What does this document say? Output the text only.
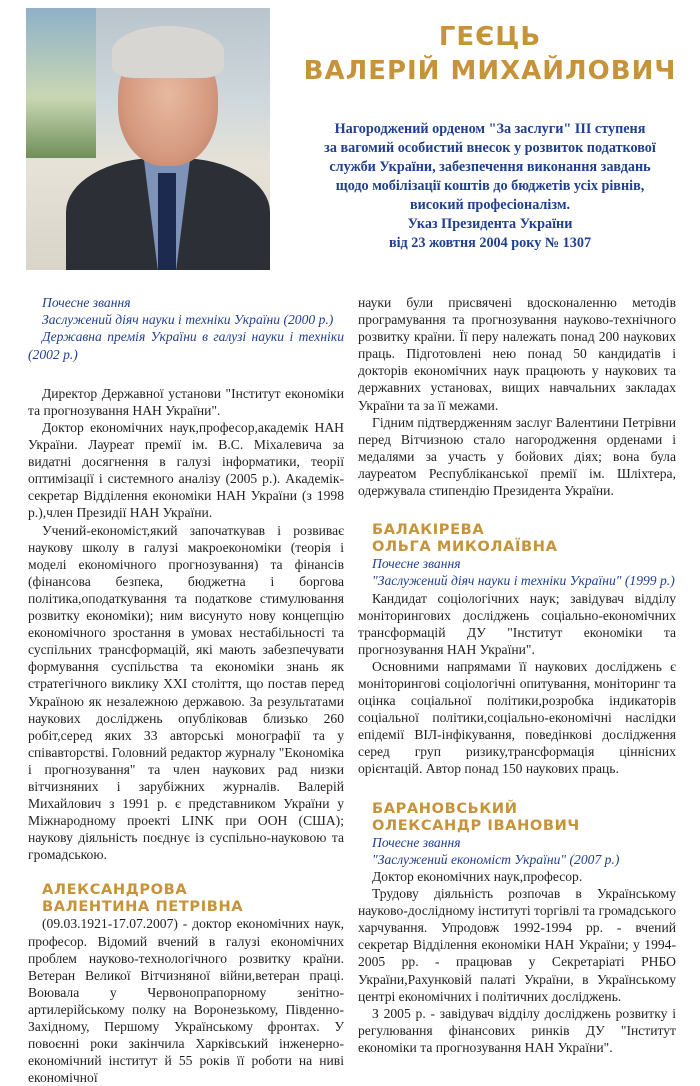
ГЕЄЦЬ
ВАЛЕРІЙ МИХАЙЛОВИЧ
Нагороджений орденом "За заслуги" ІІІ ступеня
за вагомий особистий внесок у розвиток податкової
служби України, забезпечення виконання завдань
щодо мобілізації коштів до бюджетів усіх рівнів,
високий професіоналізм.
Указ Президента України
від 23 жовтня 2004 року № 1307

Почесне звання

Заслужений діяч науки і техніки України (2000 р.)

Державна премія України в галузі науки і техніки (2002 р.)

Директор Державної установи "Інститут економіки та прогнозування НАН України".

Доктор економічних наук,професор,академік НАН України. Лауреат премії ім. В.С. Міхалевича за видатні досягнення в галузі інформатики, теорії оптимізації і системного аналізу (2005 р.). Академік-секретар Відділення економіки НАН України (з 1998 р.),член Президії НАН України.

Учений-економіст,який започаткував і розвиває наукову школу в галузі макроекономіки (теорія і моделі економічного прогнозування) та фінансів (фінансова безпека, бюджетна і боргова політика,оподаткування та податкове стимулювання розвитку економіки); ним висунуто нову концепцію економічного зростання в умовах нестабільності та суспільних трансформацій, які мають забезпечувати формування суспільства та економіки знань як стратегічного виклику XXI століття, що постав перед Україною як незалежною державою. За результатами наукових досліджень опубліковав близько 260 робіт,серед яких 33 авторські монографії та у співавторстві. Головний редактор журналу "Економіка і прогнозування" та член наукових рад низки вітчизняних і зарубіжних журналів. Валерій Михайлович з 1991 р. є представником України у Міжнародному проекті LINK при ООН (США); наукову діяльність поєднує із суспільно-науковою та громадською.

АЛЕКСАНДРОВА

ВАЛЕНТИНА ПЕТРІВНА

(09.03.1921-17.07.2007) - доктор економічних наук, професор. Відомий вчений в галузі економічних проблем науково-технологічного розвитку країни. Ветеран Великої Вітчизняної війни,ветеран праці. Воювала у Червонопрапорному зенітно-артилерійському полку на Воронезькому, Південно-Західному, Першому Українському фронтах. У повоєнні роки закінчила Харківський інженерно-економічний інститут й 55 років її роботи на ниві економічної

науки були присвячені вдосконаленню методів програмування та прогнозування науково-технічного розвитку країни. Її перу належать понад 200 наукових праць. Підготовлені нею понад 50 кандидатів і докторів економічних наук працюють у наукових та державних установах, вищих навчальних закладах України та за її межами.

Гідним підтвердженням заслуг Валентини Петрівни перед Вітчизною стало нагородження орденами і медалями за участь у бойових діях; вона була лауреатом Республіканської премії ім. Шліхтера, одержувала стипендію Президента України.

БАЛАКІРЕВА

ОЛЬГА МИКОЛАЇВНА

Почесне звання

"Заслужений діяч науки і техніки України" (1999 р.)

Кандидат соціологічних наук; завідувач відділу моніторингових досліджень соціально-економічних трансформацій ДУ "Інститут економіки та прогнозування НАН України".

Основними напрямами її наукових досліджень є моніторингові соціологічні опитування, моніторинг та оцінка соціальної політики,розробка індикаторів соціальної політики,соціально-економічні наслідки епідемії ВІЛ-інфікування, поведінкові дослідження серед груп ризику,трансформація ціннісних орієнтацій. Автор понад 150 наукових праць.

БАРАНОВСЬКИЙ

ОЛЕКСАНДР ІВАНОВИЧ

Почесне звання

"Заслужений економіст України" (2007 р.)

Доктор економічних наук,професор.

Трудову діяльність розпочав в Українському науково-дослідному інституті торгівлі та громадського харчування. Упродовж 1992-1994 рр. - вчений секретар Відділення економіки НАН України; у 1994-2005 рр. - працював у Секретаріаті РНБО України,Рахунковій палаті України, в Українському центрі економічних і політичних досліджень.

З 2005 р. - завідувач відділу досліджень розвитку і регулювання фінансових ринків ДУ "Інститут економіки та прогнозування НАН України".
